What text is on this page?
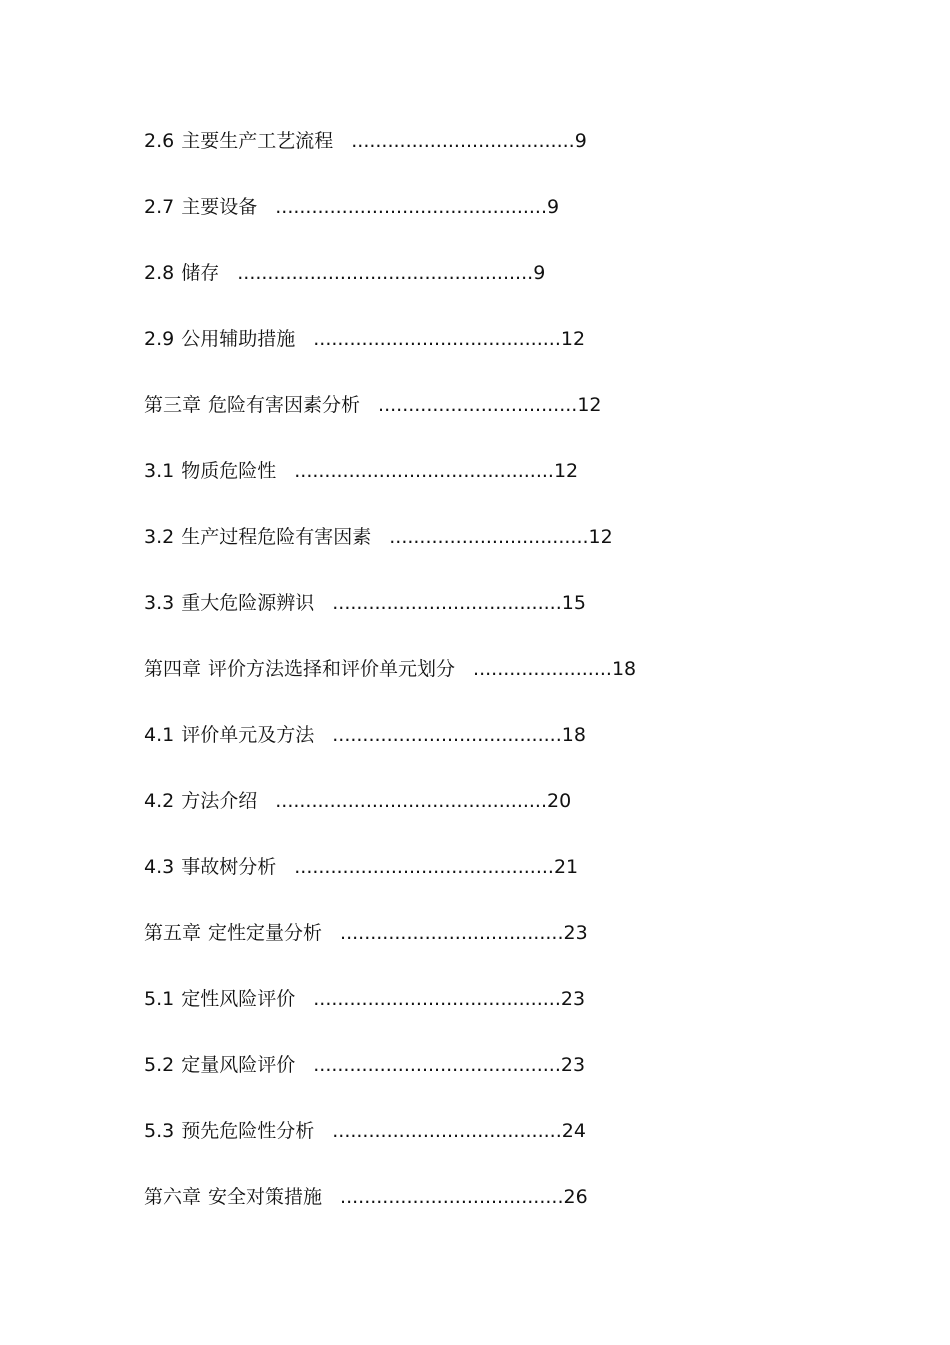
2.6 主要生产工艺流程 .....................................9
2.7 主要设备 .............................................9
2.8 储存 .................................................9
2.9 公用辅助措施 .........................................12
第三章 危险有害因素分析 .................................12
3.1 物质危险性 ...........................................12
3.2 生产过程危险有害因素 .................................12
3.3 重大危险源辨识 ......................................15
第四章 评价方法选择和评价单元划分 .......................18
4.1 评价单元及方法 ......................................18
4.2 方法介绍 .............................................20
4.3 事故树分析 ...........................................21
第五章 定性定量分析 .....................................23
5.1 定性风险评价 .........................................23
5.2 定量风险评价 .........................................23
5.3 预先危险性分析 ......................................24
第六章 安全对策措施 .....................................26
